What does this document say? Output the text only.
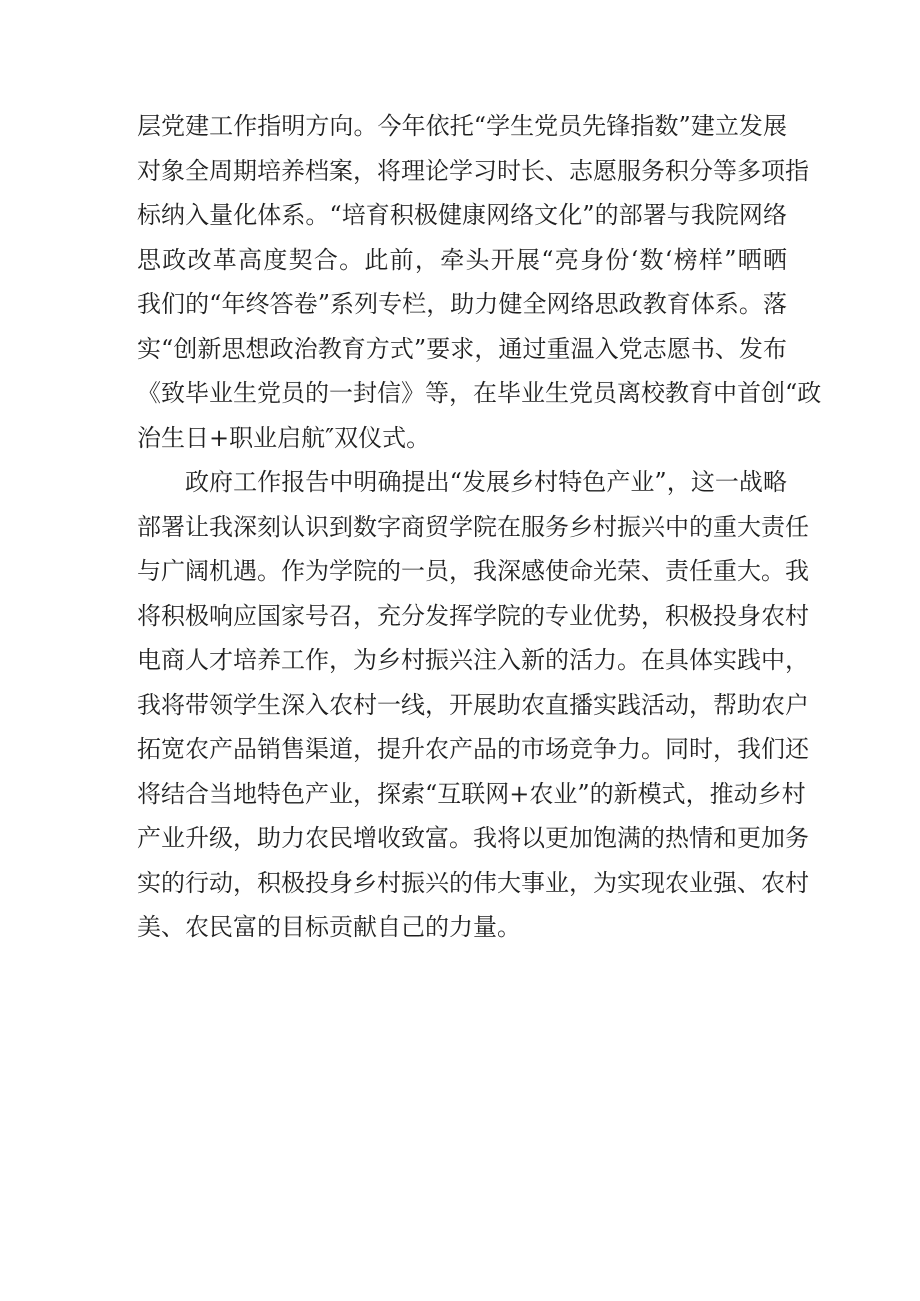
层党建工作指明方向。今年依托“学生党员先锋指数”建立发展
对象全周期培养档案，将理论学习时长、志愿服务积分等多项指
标纳入量化体系。“培育积极健康网络文化”的部署与我院网络
思政改革高度契合。此前，牵头开展“亮身份‘数‘榜样”晒晒
我们的“年终答卷”系列专栏，助力健全网络思政教育体系。落
实“创新思想政治教育方式”要求，通过重温入党志愿书、发布
《致毕业生党员的一封信》等，在毕业生党员离校教育中首创“政
治生日+职业启航″双仪式。

政府工作报告中明确提出“发展乡村特色产业”，这一战略
部署让我深刻认识到数字商贸学院在服务乡村振兴中的重大责任
与广阔机遇。作为学院的一员，我深感使命光荣、责任重大。我
将积极响应国家号召，充分发挥学院的专业优势，积极投身农村
电商人才培养工作，为乡村振兴注入新的活力。在具体实践中，
我将带领学生深入农村一线，开展助农直播实践活动，帮助农户
拓宽农产品销售渠道，提升农产品的市场竞争力。同时，我们还
将结合当地特色产业，探索“互联网+农业”的新模式，推动乡村
产业升级，助力农民增收致富。我将以更加饱满的热情和更加务
实的行动，积极投身乡村振兴的伟大事业，为实现农业强、农村
美、农民富的目标贡献自己的力量。
